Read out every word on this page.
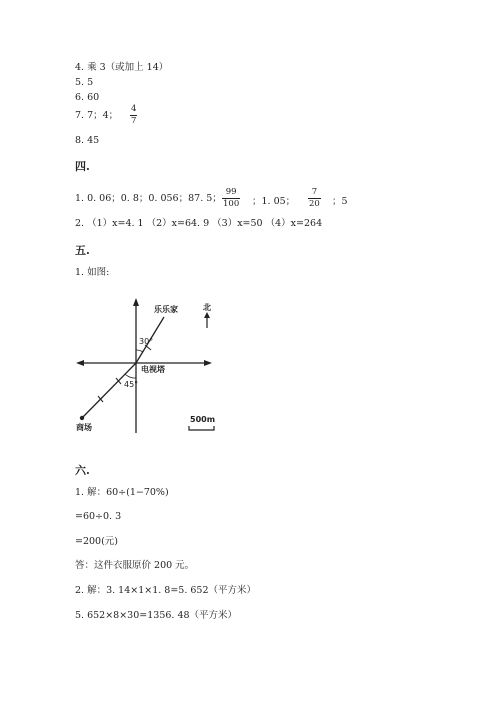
4. 乘 3（或加上 14）
5. 5
6. 60
7. 7；4；
4
7
8. 45
四.
1. 0. 06；0. 8；0. 056；87. 5；
99
100 ；1. 05；
7
20 ；5
2. （1）x=4. 1 （2）x=64. 9 （3）x=50 （4）x=264
五.
1. 如图:
30°
45°
乐乐家
电视塔
商场
北
500m
六.
1. 解：60÷(1−70%)
=60÷0. 3
=200(元)
答：这件衣服原价 200 元。
2. 解：3. 14×1×1. 8=5. 652（平方米）
5. 652×8×30=1356. 48（平方米）
